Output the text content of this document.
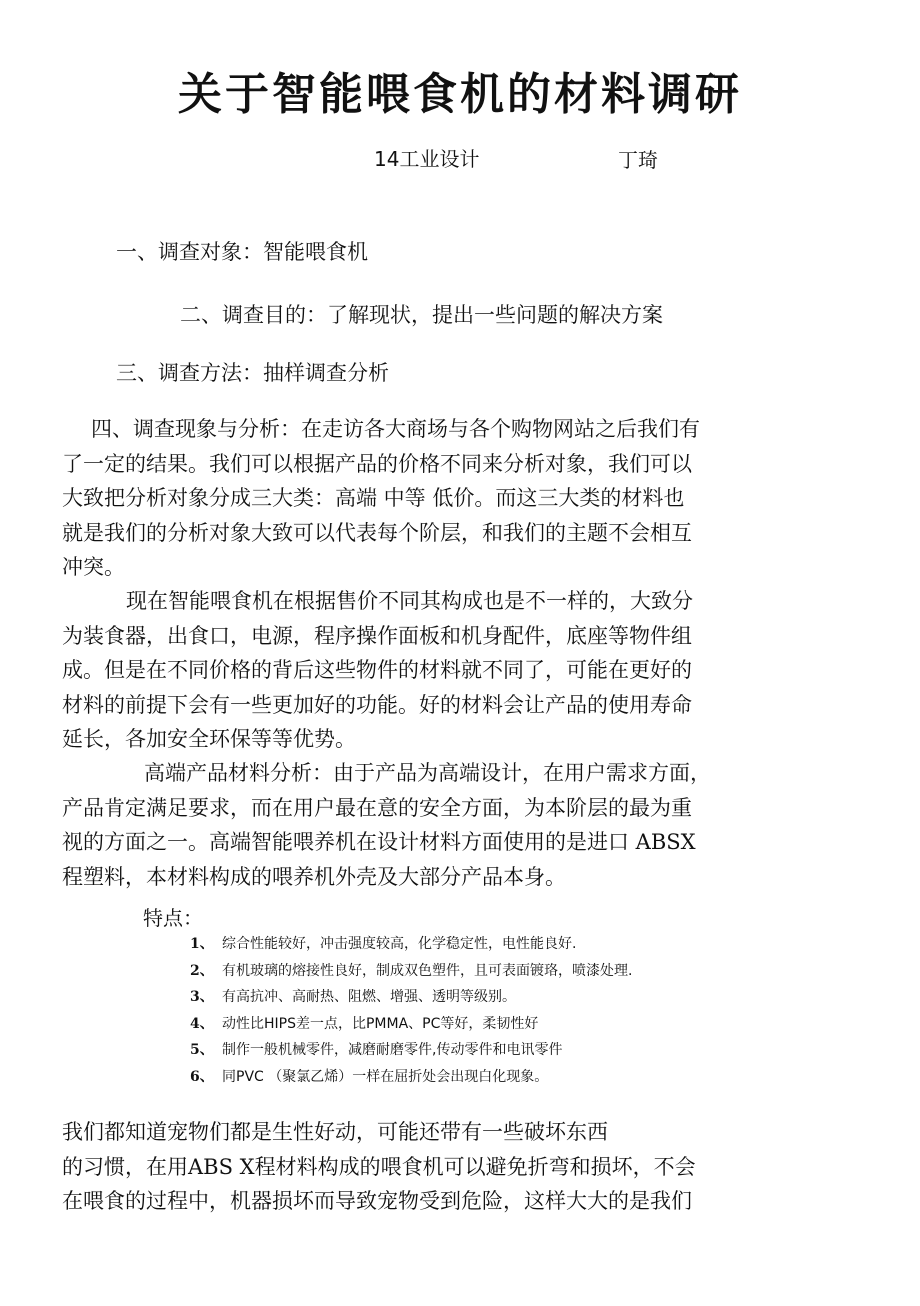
关于智能喂食机的材料调研
14工业设计	丁琦
一、调查对象：智能喂食机
二、调查目的：了解现状，提出一些问题的解决方案
三、调查方法：抽样调查分析
四、调查现象与分析：在走访各大商场与各个购物网站之后我们有
了一定的结果。我们可以根据产品的价格不同来分析对象，我们可以
大致把分析对象分成三大类：高端 中等 低价。而这三大类的材料也
就是我们的分析对象大致可以代表每个阶层，和我们的主题不会相互
冲突。
现在智能喂食机在根据售价不同其构成也是不一样的，大致分
为装食器，出食口，电源，程序操作面板和机身配件，底座等物件组
成。但是在不同价格的背后这些物件的材料就不同了，可能在更好的
材料的前提下会有一些更加好的功能。好的材料会让产品的使用寿命
延长，各加安全环保等等优势。
高端产品材料分析：由于产品为高端设计，在用户需求方面，
产品肯定满足要求，而在用户最在意的安全方面，为本阶层的最为重
视的方面之一。高端智能喂养机在设计材料方面使用的是进口 ABSX
程塑料，本材料构成的喂养机外壳及大部分产品本身。
特点：
1、 综合性能较好，冲击强度较高，化学稳定性，电性能良好.
2、 有机玻璃的熔接性良好，制成双色塑件，且可表面镀珞，喷漆处理.
3、 有高抗冲、高耐热、阻燃、增强、透明等级别。
4、 动性比HIPS差一点，比PMMA、PC等好，柔韧性好
5、 制作一般机械零件，减磨耐磨零件,传动零件和电讯零件
6、 同PVC （聚氯乙烯）一样在屈折处会出现白化现象。
我们都知道宠物们都是生性好动，可能还带有一些破坏东西
的习惯，在用ABS X程材料构成的喂食机可以避免折弯和损坏，不会
在喂食的过程中，机器损坏而导致宠物受到危险，这样大大的是我们
